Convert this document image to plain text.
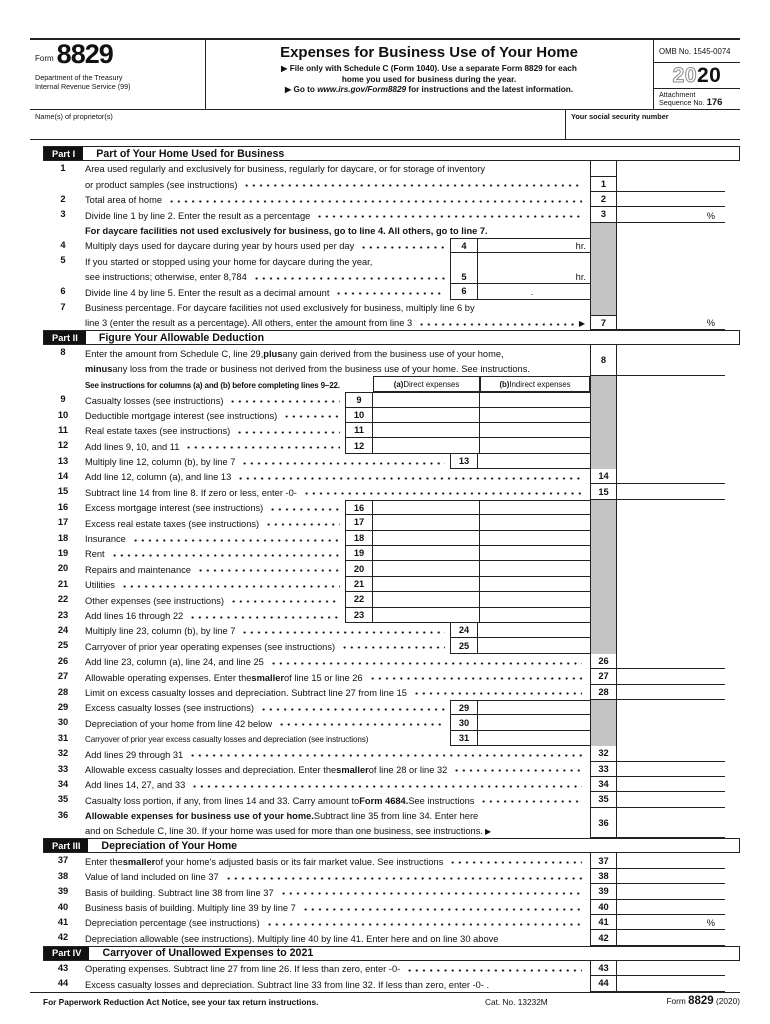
Form 8829
Department of the Treasury
Internal Revenue Service (99)
Expenses for Business Use of Your Home
▶ File only with Schedule C (Form 1040). Use a separate Form 8829 for each
home you used for business during the year.
▶ Go to www.irs.gov/Form8829 for instructions and the latest information.
OMB No. 1545-0074
20 20
Attachment
Sequence No. 176
Name(s) of proprietor(s)	Your social security number
Part I	Part of Your Home Used for Business
1	Area used regularly and exclusively for business, regularly for daycare, or for storage of inventory
or product samples (see instructions)	1
2	Total area of home	2
3	Divide line 1 by line 2. Enter the result as a percentage	3	%
For daycare facilities not used exclusively for business, go to line 4. All others, go to line 7.
4	Multiply days used for daycare during year by hours used per day	4	hr.
5	If you started or stopped using your home for daycare during the year,
see instructions; otherwise, enter 8,784	5	hr.
6	Divide line 4 by line 5. Enter the result as a decimal amount	6	.
7	Business percentage. For daycare facilities not used exclusively for business, multiply line 6 by
line 3 (enter the result as a percentage). All others, enter the amount from line 3	▶	7	%
Part II	Figure Your Allowable Deduction
8	Enter the amount from Schedule C, line 29, plus any gain derived from the business use of your home,
minus any loss from the trade or business not derived from the business use of your home. See instructions.
8
See instructions for columns (a) and (b) before completing lines 9–22.	(a) Direct expenses	(b) Indirect expenses
9	Casualty losses (see instructions)	9
10	Deductible mortgage interest (see instructions)	10
11	Real estate taxes (see instructions)	11
12	Add lines 9, 10, and 11	12
13	Multiply line 12, column (b), by line 7	13
14	Add line 12, column (a), and line 13	14
15	Subtract line 14 from line 8. If zero or less, enter -0-	15
16	Excess mortgage interest (see instructions)	16
17	Excess real estate taxes (see instructions)	17
18	Insurance	18
19	Rent	19
20	Repairs and maintenance	20
21	Utilities	21
22	Other expenses (see instructions)	22
23	Add lines 16 through 22	23
24	Multiply line 23, column (b), by line 7	24
25	Carryover of prior year operating expenses (see instructions)	25
26	Add line 23, column (a), line 24, and line 25	26
27	Allowable operating expenses. Enter the smaller of line 15 or line 26	27
28	Limit on excess casualty losses and depreciation. Subtract line 27 from line 15	28
29	Excess casualty losses (see instructions)	29
30	Depreciation of your home from line 42 below	30
31	Carryover of prior year excess casualty losses and depreciation (see instructions)	31
32	Add lines 29 through 31	32
33	Allowable excess casualty losses and depreciation. Enter the smaller of line 28 or line 32	33
34	Add lines 14, 27, and 33	34
35	Casualty loss portion, if any, from lines 14 and 33. Carry amount to Form 4684. See instructions	35
36	Allowable expenses for business use of your home. Subtract line 35 from line 34. Enter here
and on Schedule C, line 30. If your home was used for more than one business, see instructions. ▶
36
Part III	Depreciation of Your Home
37	Enter the smaller of your home's adjusted basis or its fair market value. See instructions	37
38	Value of land included on line 37	38
39	Basis of building. Subtract line 38 from line 37	39
40	Business basis of building. Multiply line 39 by line 7	40
41	Depreciation percentage (see instructions)	41	%
42	Depreciation allowable (see instructions). Multiply line 40 by line 41. Enter here and on line 30 above	42
Part IV	Carryover of Unallowed Expenses to 2021
43	Operating expenses. Subtract line 27 from line 26. If less than zero, enter -0-	43
44	Excess casualty losses and depreciation. Subtract line 33 from line 32. If less than zero, enter -0- .	44
For Paperwork Reduction Act Notice, see your tax return instructions.	Cat. No. 13232M	Form 8829 (2020)
